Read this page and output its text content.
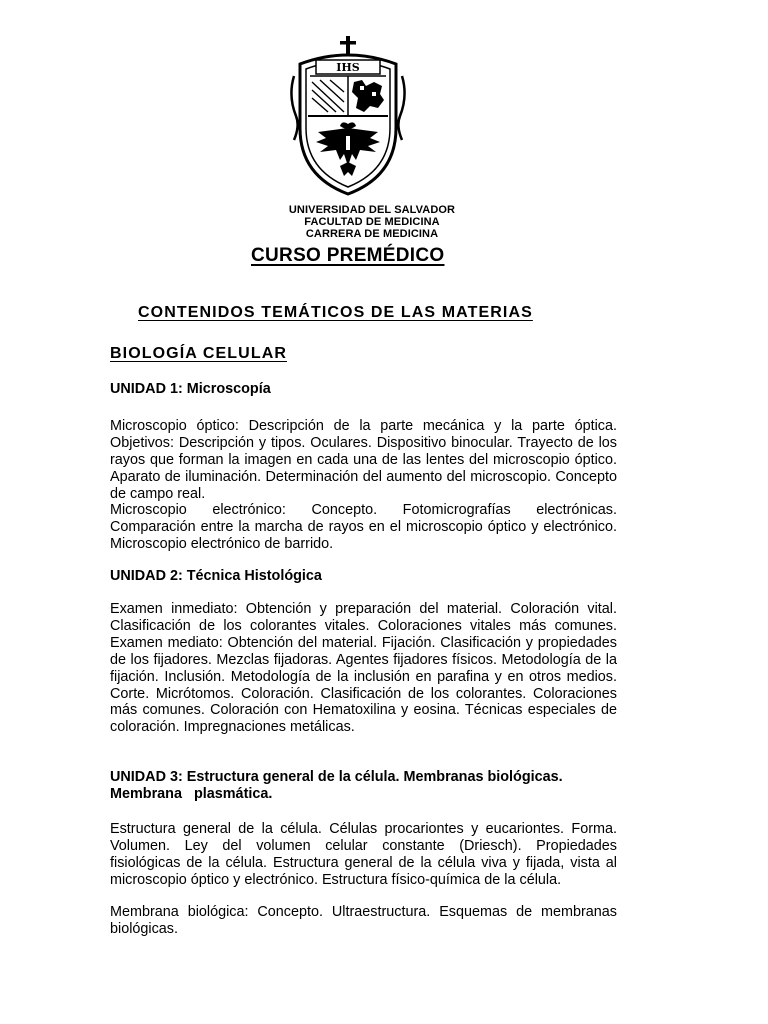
IHS
UNIVERSIDAD DEL SALVADOR
FACULTAD DE MEDICINA
CARRERA DE MEDICINA
CURSO PREMÉDICO
CONTENIDOS TEMÁTICOS DE LAS MATERIAS
BIOLOGÍA CELULAR
UNIDAD 1: Microscopía
Microscopio óptico: Descripción de la parte mecánica y la parte óptica. Objetivos: Descripción y tipos. Oculares. Dispositivo binocular. Trayecto de los rayos que forman la imagen en cada una de las lentes del microscopio óptico. Aparato de iluminación. Determinación del aumento del microscopio. Concepto de campo real.
Microscopio electrónico: Concepto. Fotomicrografías electrónicas. Comparación entre la marcha de rayos en el microscopio óptico y electrónico. Microscopio electrónico de barrido.
UNIDAD 2: Técnica Histológica
Examen inmediato: Obtención y preparación del material. Coloración vital. Clasificación de los colorantes vitales. Coloraciones vitales más comunes. Examen mediato: Obtención del material. Fijación. Clasificación y propiedades de los fijadores. Mezclas fijadoras. Agentes fijadores físicos. Metodología de la fijación. Inclusión. Metodología de la inclusión en parafina y en otros medios. Corte. Micrótomos. Coloración. Clasificación de los colorantes. Coloraciones más comunes. Coloración con Hematoxilina y eosina. Técnicas especiales de coloración. Impregnaciones metálicas.
UNIDAD 3: Estructura general de la célula. Membranas biológicas.
Membrana   plasmática.
Estructura general de la célula. Células procariontes y eucariontes. Forma. Volumen. Ley del volumen celular constante (Driesch). Propiedades fisiológicas de la célula. Estructura general de la célula viva y fijada, vista al microscopio óptico y electrónico. Estructura físico-química de la célula.
Membrana biológica: Concepto. Ultraestructura. Esquemas de membranas biológicas.
